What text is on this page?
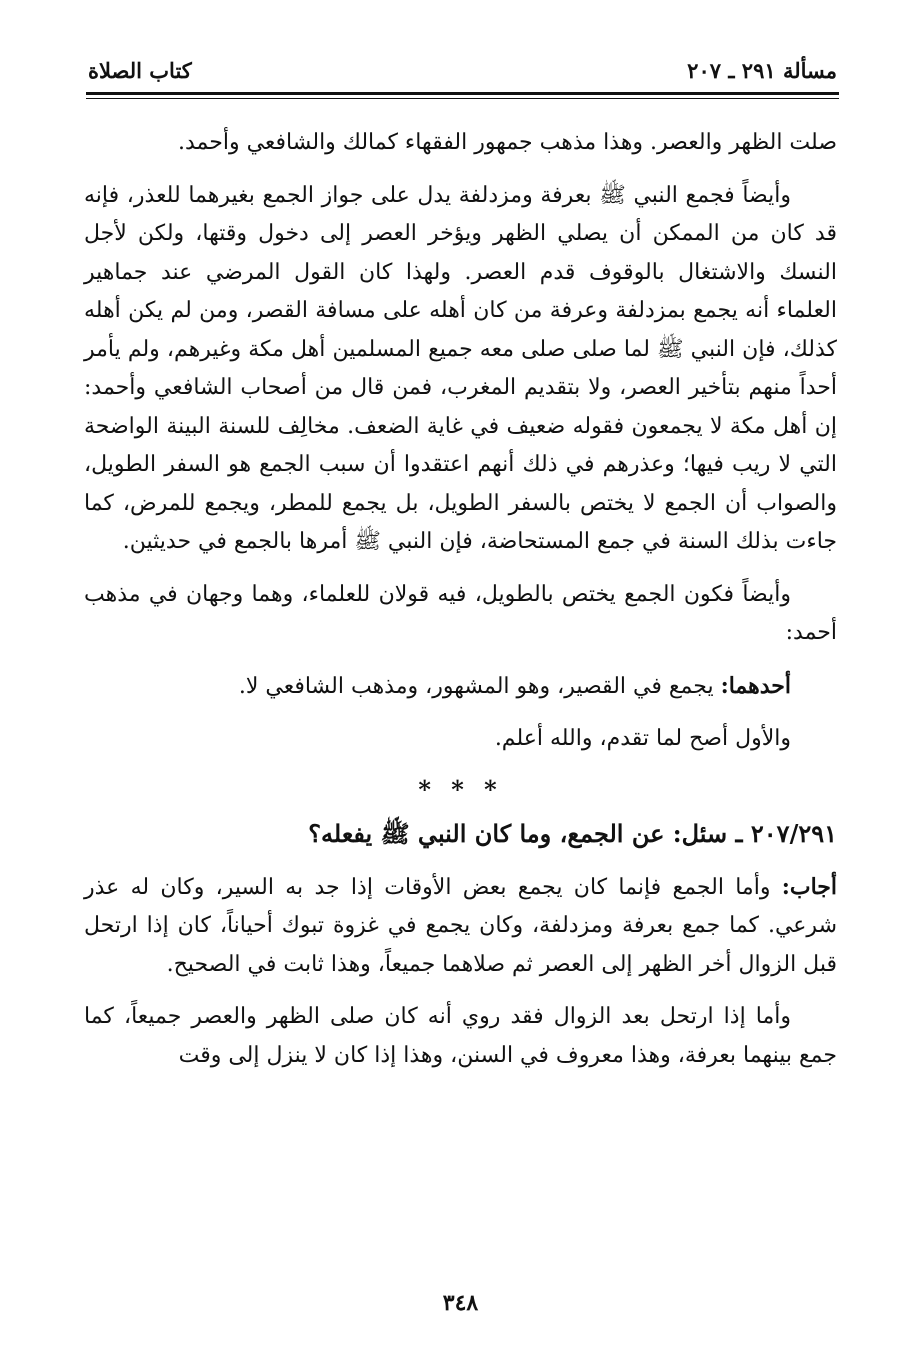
مسألة ٢٩١ ـ ٢٠٧
كتاب الصلاة

صلت الظهر والعصر. وهذا مذهب جمهور الفقهاء كمالك والشافعي وأحمد.

وأيضاً فجمع النبي ﷺ بعرفة ومزدلفة يدل على جواز الجمع بغيرهما للعذر، فإنه قد كان من الممكن أن يصلي الظهر ويؤخر العصر إلى دخول وقتها، ولكن لأجل النسك والاشتغال بالوقوف قدم العصر. ولهذا كان القول المرضي عند جماهير العلماء أنه يجمع بمزدلفة وعرفة من كان أهله على مسافة القصر، ومن لم يكن أهله كذلك، فإن النبي ﷺ لما صلى صلى معه جميع المسلمين أهل مكة وغيرهم، ولم يأمر أحداً منهم بتأخير العصر، ولا بتقديم المغرب، فمن قال من أصحاب الشافعي وأحمد: إن أهل مكة لا يجمعون فقوله ضعيف في غاية الضعف. مخالِف للسنة البينة الواضحة التي لا ريب فيها؛ وعذرهم في ذلك أنهم اعتقدوا أن سبب الجمع هو السفر الطويل، والصواب أن الجمع لا يختص بالسفر الطويل، بل يجمع للمطر، ويجمع للمرض، كما جاءت بذلك السنة في جمع المستحاضة، فإن النبي ﷺ أمرها بالجمع في حديثين.

وأيضاً فكون الجمع يختص بالطويل، فيه قولان للعلماء، وهما وجهان في مذهب أحمد:

أحدهما: يجمع في القصير، وهو المشهور، ومذهب الشافعي لا.

والأول أصح لما تقدم، والله أعلم.

* * *

٢٠٧/٢٩١ ـ سئل: عن الجمع، وما كان النبي ﷺ يفعله؟

أجاب: وأما الجمع فإنما كان يجمع بعض الأوقات إذا جد به السير، وكان له عذر شرعي. كما جمع بعرفة ومزدلفة، وكان يجمع في غزوة تبوك أحياناً، كان إذا ارتحل قبل الزوال أخر الظهر إلى العصر ثم صلاهما جميعاً، وهذا ثابت في الصحيح.

وأما إذا ارتحل بعد الزوال فقد روي أنه كان صلى الظهر والعصر جميعاً، كما جمع بينهما بعرفة، وهذا معروف في السنن، وهذا إذا كان لا ينزل إلى وقت

٣٤٨
